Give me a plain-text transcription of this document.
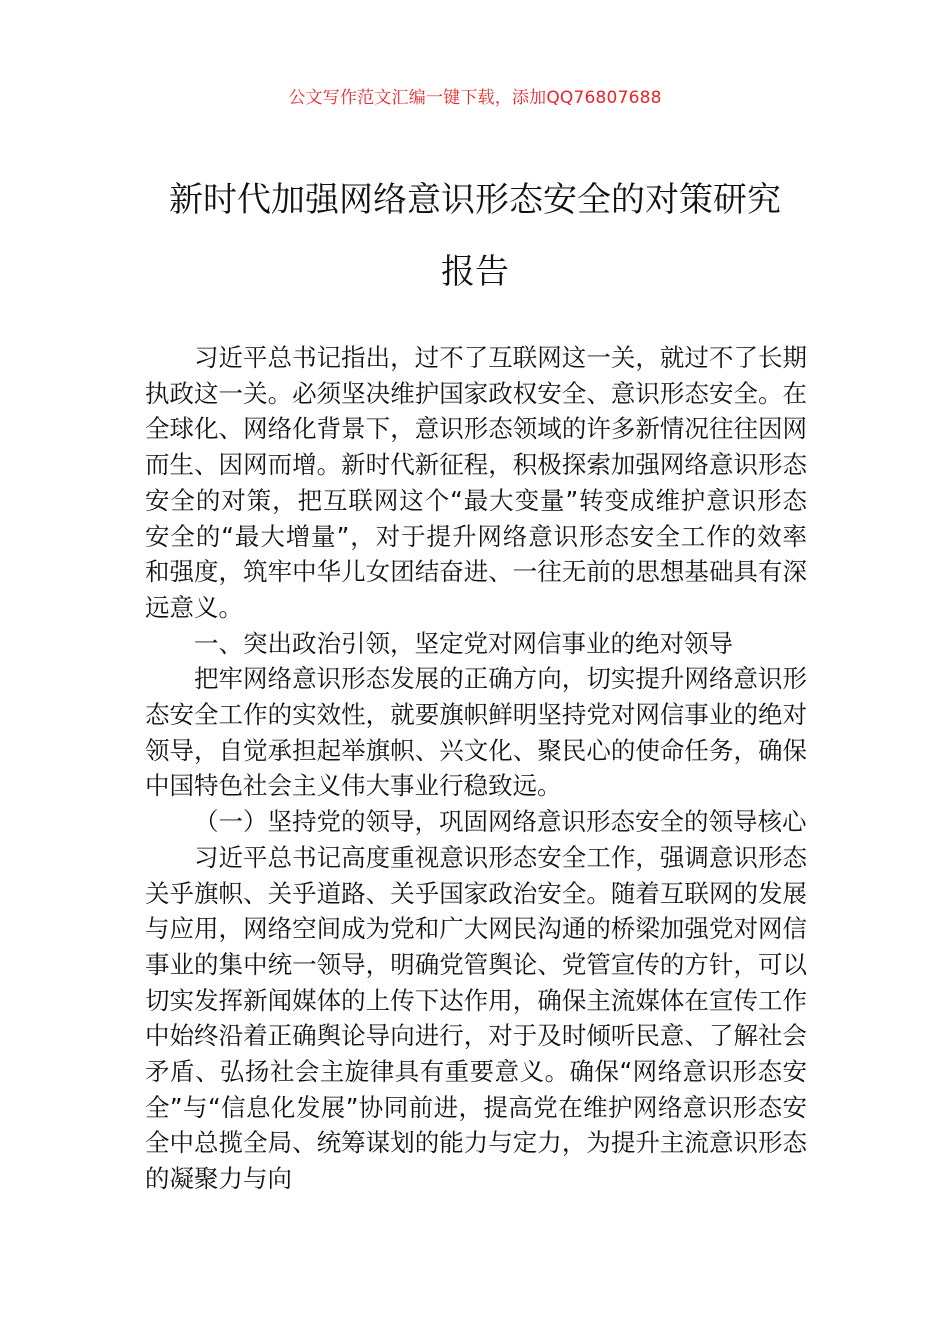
公文写作范文汇编一键下载，添加QQ76807688
新时代加强网络意识形态安全的对策研究
报告

习近平总书记指出，过不了互联网这一关，就过不了长期执政这一关。必须坚决维护国家政权安全、意识形态安全。在全球化、网络化背景下，意识形态领域的许多新情况往往因网而生、因网而增。新时代新征程，积极探索加强网络意识形态安全的对策，把互联网这个“最大变量”转变成维护意识形态安全的“最大增量”，对于提升网络意识形态安全工作的效率和强度，筑牢中华儿女团结奋进、一往无前的思想基础具有深远意义。

一、突出政治引领，坚定党对网信事业的绝对领导

把牢网络意识形态发展的正确方向，切实提升网络意识形态安全工作的实效性，就要旗帜鲜明坚持党对网信事业的绝对领导，自觉承担起举旗帜、兴文化、聚民心的使命任务，确保中国特色社会主义伟大事业行稳致远。

（一）坚持党的领导，巩固网络意识形态安全的领导核心

习近平总书记高度重视意识形态安全工作，强调意识形态关乎旗帜、关乎道路、关乎国家政治安全。随着互联网的发展与应用，网络空间成为党和广大网民沟通的桥梁加强党对网信事业的集中统一领导，明确党管舆论、党管宣传的方针，可以切实发挥新闻媒体的上传下达作用，确保主流媒体在宣传工作中始终沿着正确舆论导向进行，对于及时倾听民意、了解社会矛盾、弘扬社会主旋律具有重要意义。确保“网络意识形态安全”与“信息化发展”协同前进，提高党在维护网络意识形态安全中总揽全局、统筹谋划的能力与定力，为提升主流意识形态的凝聚力与向
